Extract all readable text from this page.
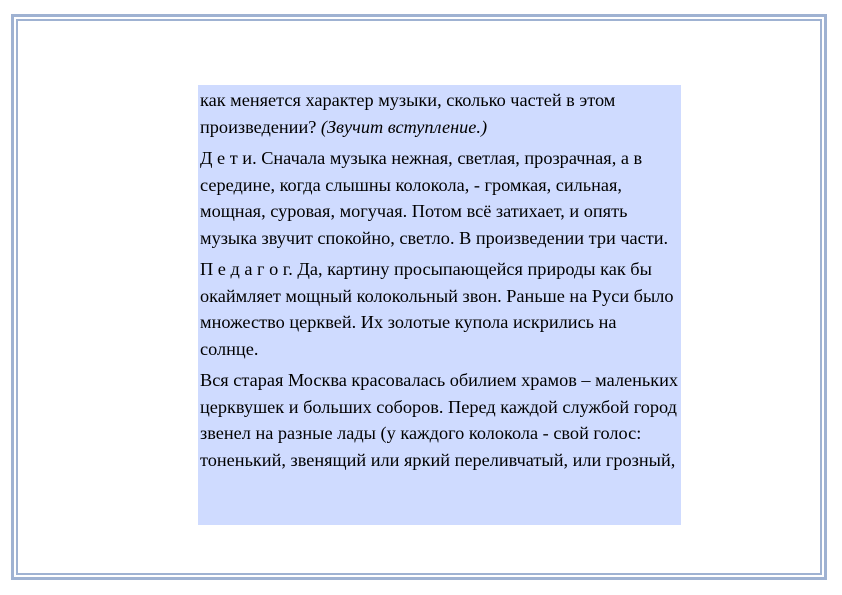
как меняется характер музыки, сколько частей в этом произведении? (Звучит вступление.)

Д е т и. Сначала музыка нежная, светлая, прозрачная, а в середине, когда слышны колокола, - громкая, сильная, мощная, суровая, могучая. Потом всё затихает, и опять музыка звучит спокойно, светло. В произведении три части.

П е д а г о г. Да, картину просыпающейся природы как бы окаймляет мощный колокольный звон. Раньше на Руси было множество церквей. Их золотые купола искрились на солнце.

Вся старая Москва красовалась обилием храмов – маленьких церквушек и больших соборов. Перед каждой службой город звенел на разные лады (у каждого колокола - свой голос: тоненький, звенящий или яркий переливчатый, или грозный,
